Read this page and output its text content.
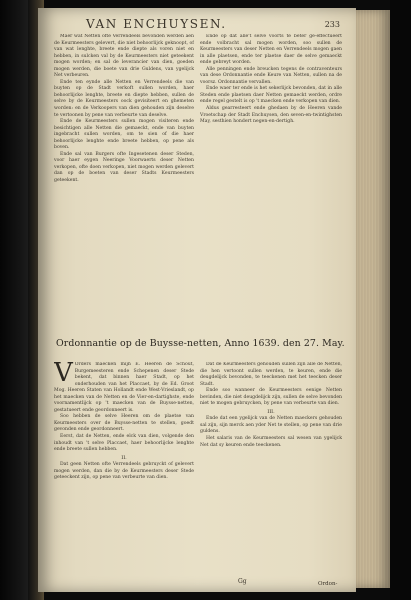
VAN ENCHUYSEN.	233

Maer wat Netten ofte Verrendeels bevonden werden aen de Keurmeesters gelevert, die niet behoorlijck geknoopt, of van wat lenghte, breete ende diepte als voren niet en hebben, in sulcken val by de Keurmeesters niet geteekent mogen worden; en sal de leverancier van dien, goeden mogen werden, die boete van drie Guldens, van ygelijck Net verbeuren.

Ende ten eynde alle Netten en Verrendeels die van buyten op de Stadt verkoft sullen worden, haer behoorlijcke lenghte, breete en diepte hebben, sullen de selve by de Keurmeesters oock gevisiteert en ghemeten worden: en de Verkoopers van dien gehouden zijn deselve te vertoonen by pene van verbeurte van deselve.

Ende de Keurmeesters sullen mogen visiteren ende besichtigen alle Netten die gemaeckt, ende van buyten ingebracht sullen worden, om te sien of die haer behoorlijcke lenghte ende breete hebben, op pene als boven.

Ende sal van Burgers ofte Ingesetenen deser Steden, voor haer eygen Neeringe Voorwaerts deser Netten verkopen, ofte doen verkopen, niet mogen werden gelevert dan op de boeten van deser Stadts Keurmeesters geteekent.

Ende op dat alle't selve voorts te beter ge-effectueert ende volbracht sal mogen worden, soo sullen de Keurmeesters van deser Netten en Verrendeels mogen gaen in alle plaetsen, ende ter plaetse daer de selve gemaeckt ende gebreyt worden.

Alle penningen ende breucken tegens de contraventeurs van dese Ordonnantie ende Keure van Netten, sullen na de voorsz. Ordonnantie vervallen.

Ende waer ter ende is het sekerlijck bevonden, dat in alle Steden ende plaetsen daer Netten gemaeckt werden, ordre ende regel gestelt is op 't maecken ende verkopen van dien.

Aldus gearresteert ende ghedaen by de Heeren vande Vroetschap der Stadt Enchuysen, den seven-en-twintighsten May, sesthien hondert negen-en-dertigh.

Ordonnantie op de Buysse-netten, Anno 1639. den 27. May.

V Orders maecken mijn E. Heeren de Schout, Burgemeesteren ende Schepenen deser Stede bekent, dat binnen haer Stadt, op het onderhouden van het Placcaet, by de Ed. Groot Mog. Heeren Staten van Hollandt ende West-Vrieslandt, op het maecken van de Netten en de Vier-en-dartighste, ende voornamentlijck op 't maecken van de Buysse-netten, gestatueert ende geordonneert is.

Soo hebben de selve Heeren om de plaetse van Keurmeesters over de Buysse-netten te stellen, goedt gevonden ende geordonneert.

Eerst, dat de Netten, ende elck van dien, volgende den inhoudt van 't selve Placcaet, haer behoorlijcke lenghte ende breete sullen hebben.

II.

Dat geen Netten ofte Verrendeels gebruyckt of gelevert mogen werden, dan die by de Keurmeesters deser Stede geteeckent zijn, op pene van verbeurte van dien.

Dat de Keurmeesters gehouden sullen zijn alle de Netten, die hen vertoont sullen werden, te keuren, ende die deugdelijck bevonden, te teeckenen met het teecken deser Stadt.

Ende soo wanneer de Keurmeesters eenige Netten bevinden, die niet deugdelijck zijn, sullen de selve bevonden niet te mogen gebruycken, by pene van verbeurte van dien.

III.

Ende dat een ygelijck van de Netten maeckers gehouden sal zijn, sijn merck aen yder Net te stellen, op pene van drie guldens.

Het salaris van de Keurmeesters sal wesen van ygelijck Net dat sy keuren ende teeckenen.

Gg	Ordon-
